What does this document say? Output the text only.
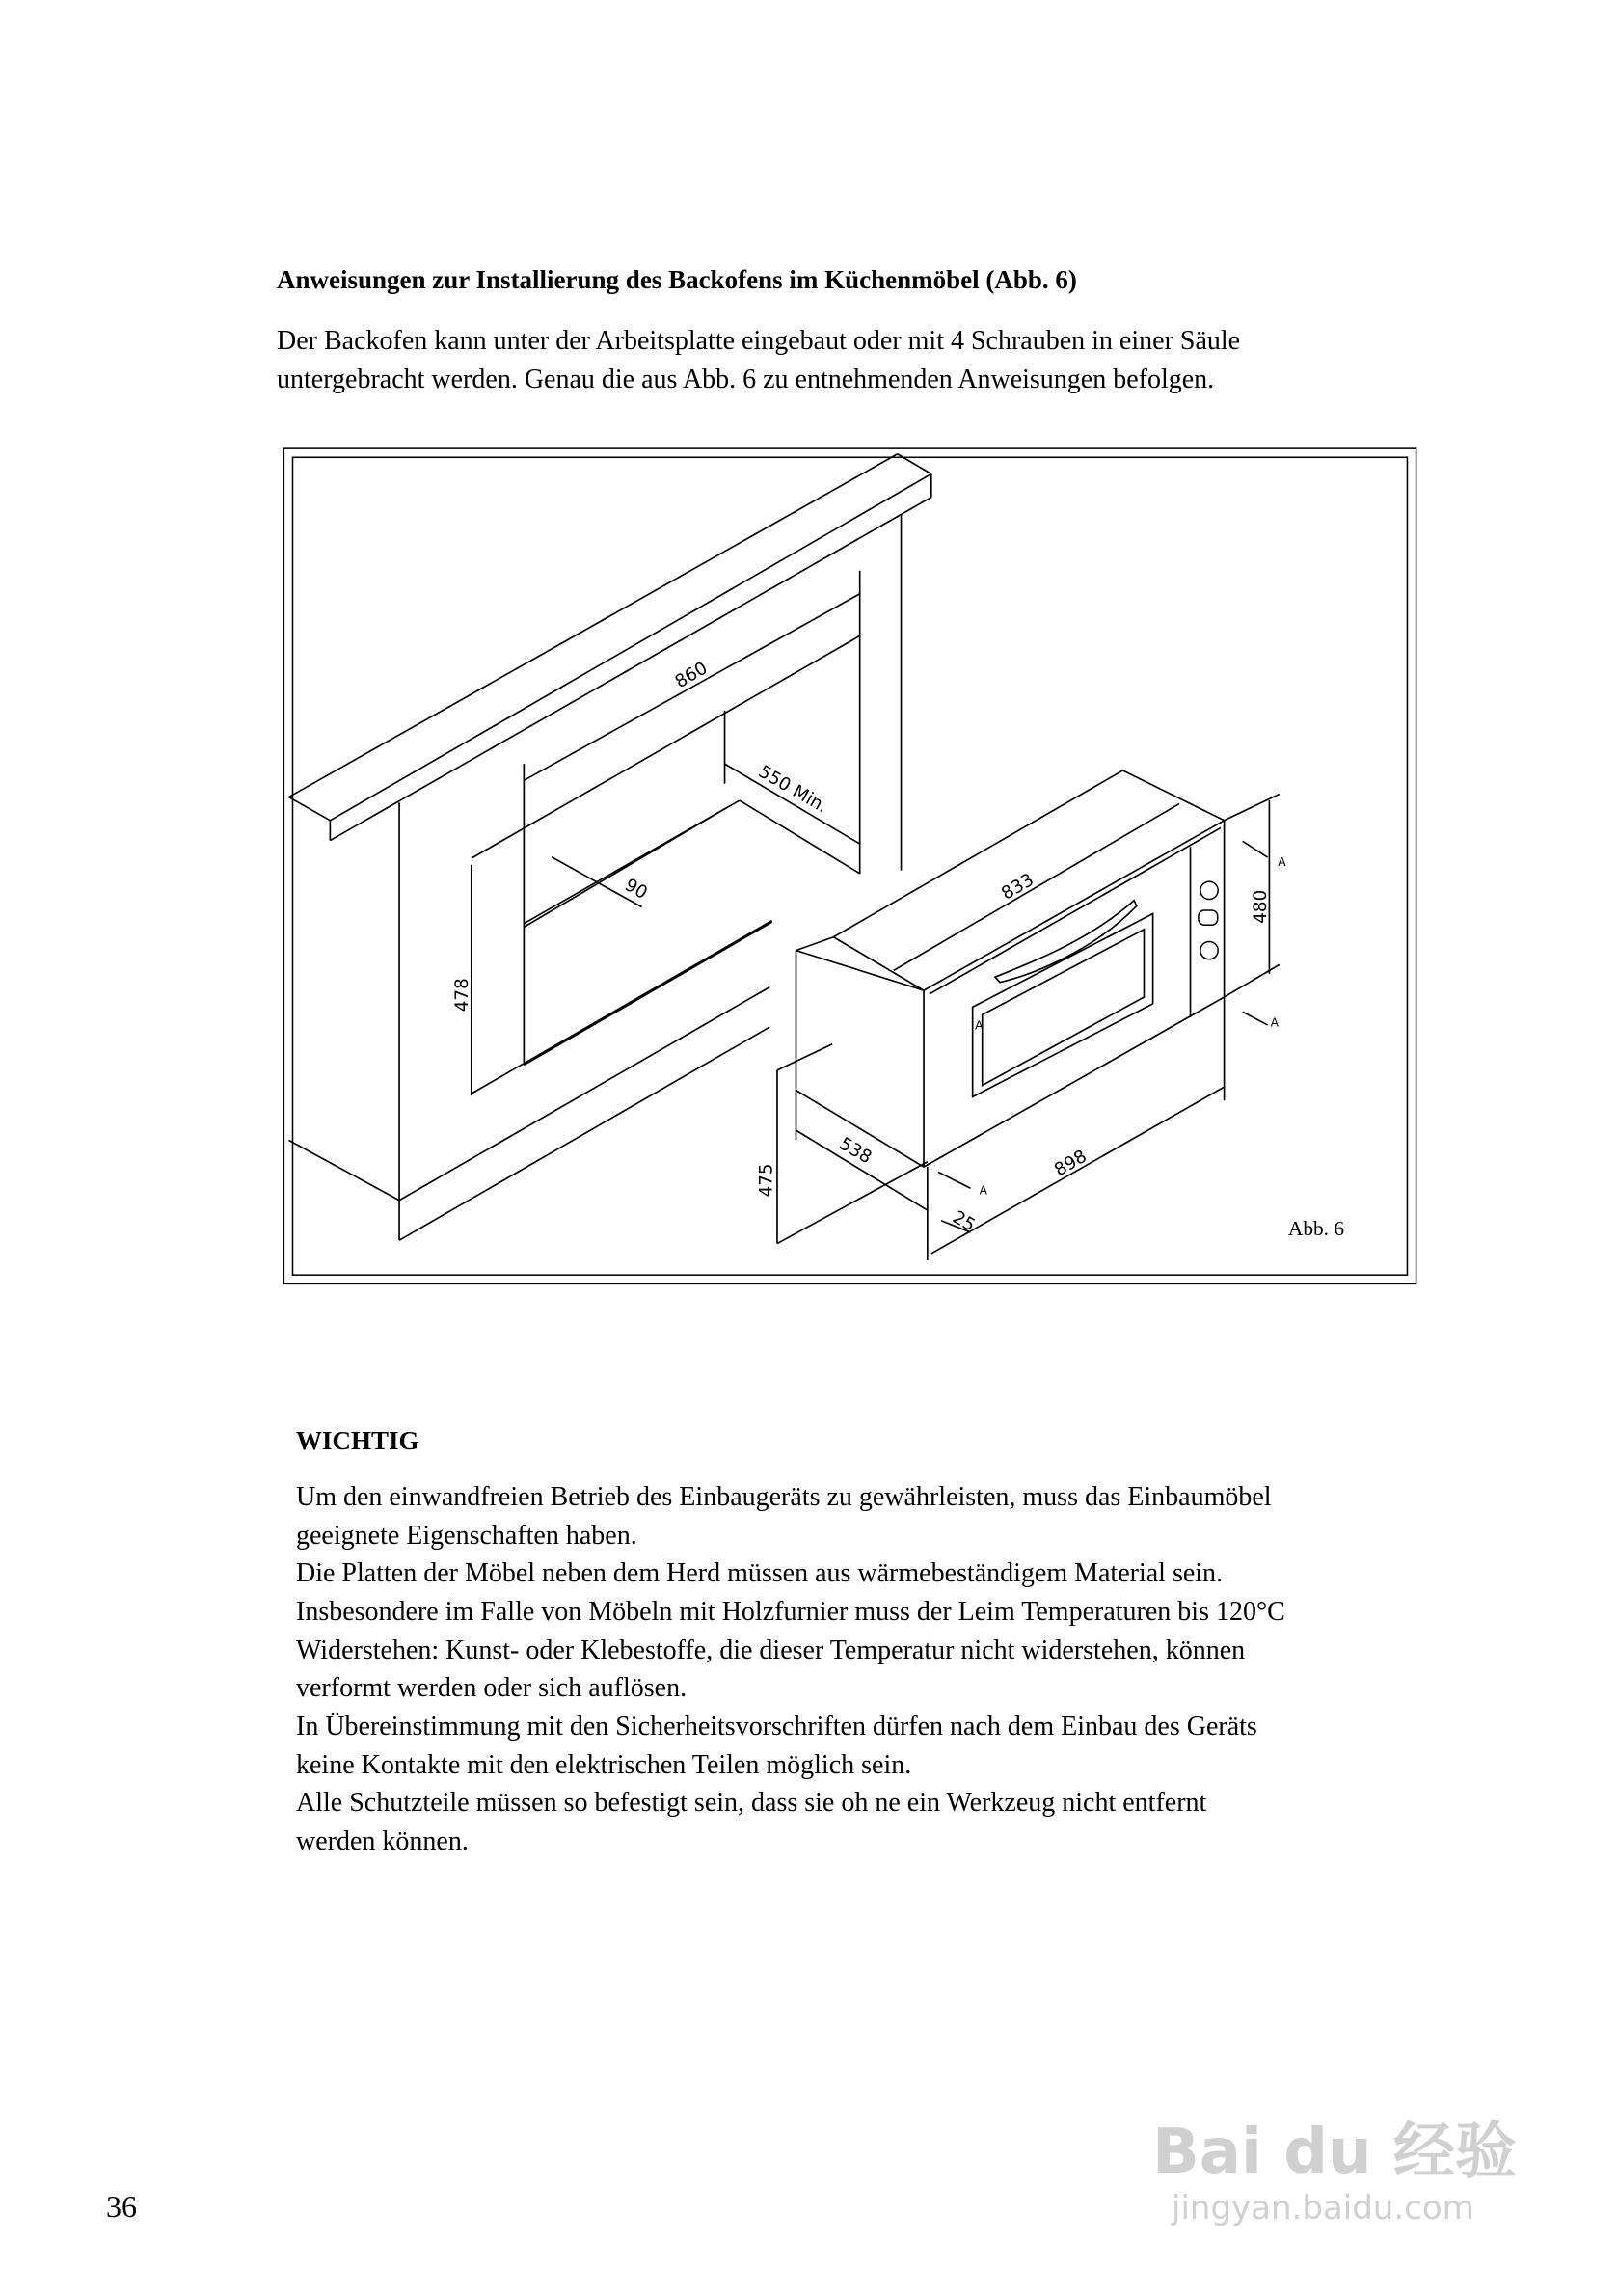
Anweisungen zur Installierung des Backofens im Küchenmöbel (Abb. 6)
Der Backofen kann unter der Arbeitsplatte eingebaut oder mit 4 Schrauben in einer Säule
untergebracht werden. Genau die aus Abb. 6 zu entnehmenden Anweisungen befolgen.
860
550 Min.
90
478
833
480
475
538	898
25
A
A
A
A
Abb. 6
WICHTIG
Um den einwandfreien Betrieb des Einbaugeräts zu gewährleisten, muss das Einbaumöbel
geeignete Eigenschaften haben.
Die Platten der Möbel neben dem Herd müssen aus wärmebeständigem Material sein.
Insbesondere im Falle von Möbeln mit Holzfurnier muss der Leim Temperaturen bis 120°C
Widerstehen: Kunst- oder Klebestoffe, die dieser Temperatur nicht widerstehen, können
verformt werden oder sich auflösen.
In Übereinstimmung mit den Sicherheitsvorschriften dürfen nach dem Einbau des Geräts
keine Kontakte mit den elektrischen Teilen möglich sein.
Alle Schutzteile müssen so befestigt sein, dass sie oh ne ein Werkzeug nicht entfernt
werden können.
36
Bai du 经验
jingyan.baidu.com
